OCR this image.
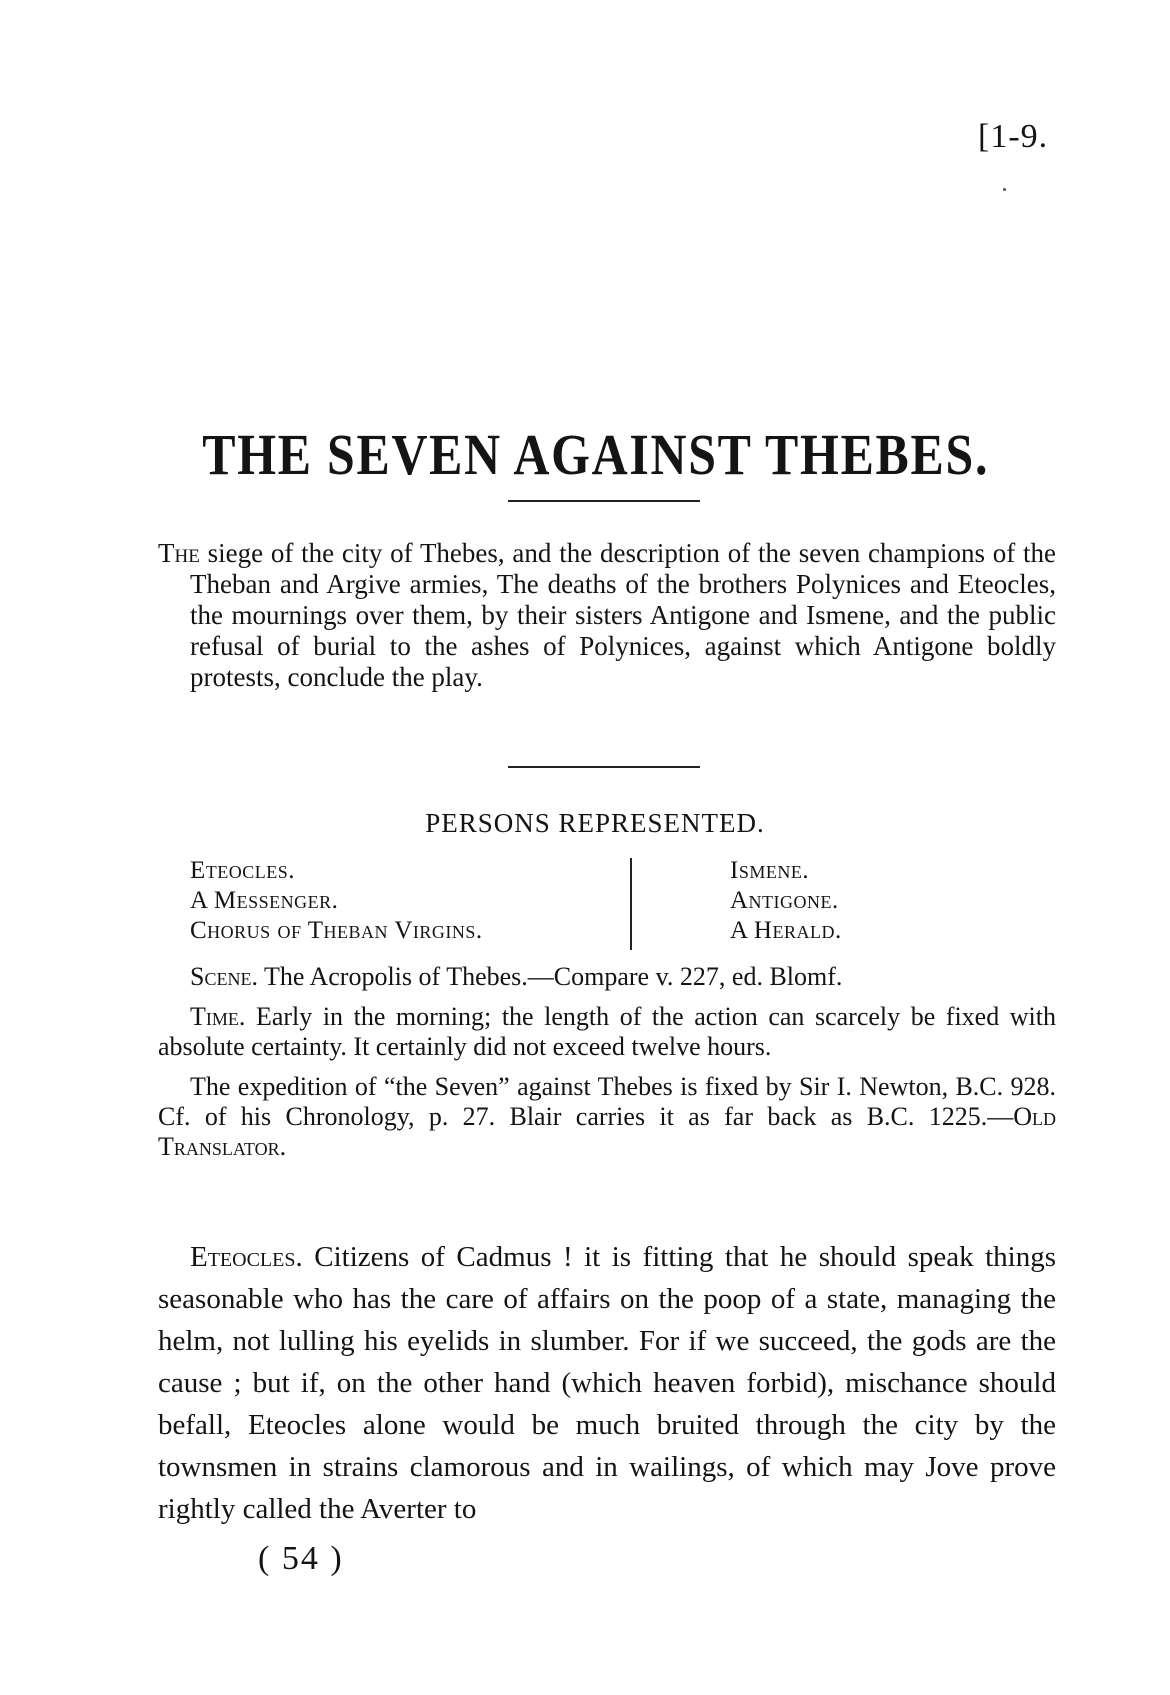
[1-9.
THE SEVEN AGAINST THEBES.

The siege of the city of Thebes, and the description of the seven champions of the Theban and Argive armies, The deaths of the brothers Polynices and Eteocles, the mournings over them, by their sisters Antigone and Ismene, and the public refusal of burial to the ashes of Polynices, against which Antigone boldly protests, conclude the play.

PERSONS REPRESENTED.
Eteocles.
A Messenger.
Chorus of Theban Virgins.
Ismene.
Antigone.
A Herald.

Scene. The Acropolis of Thebes.—Compare v. 227, ed. Blomf.

Time. Early in the morning; the length of the action can scarcely be fixed with absolute certainty. It certainly did not exceed twelve hours.

The expedition of “the Seven” against Thebes is fixed by Sir I. Newton, B.C. 928. Cf. of his Chronology, p. 27. Blair carries it as far back as B.C. 1225.—Old Translator.

Eteocles. Citizens of Cadmus ! it is fitting that he should speak things seasonable who has the care of affairs on the poop of a state, managing the helm, not lulling his eyelids in slumber. For if we succeed, the gods are the cause ; but if, on the other hand (which heaven forbid), mischance should befall, Eteocles alone would be much bruited through the city by the townsmen in strains clamorous and in wailings, of which may Jove prove rightly called the Averter to

( 54 )
